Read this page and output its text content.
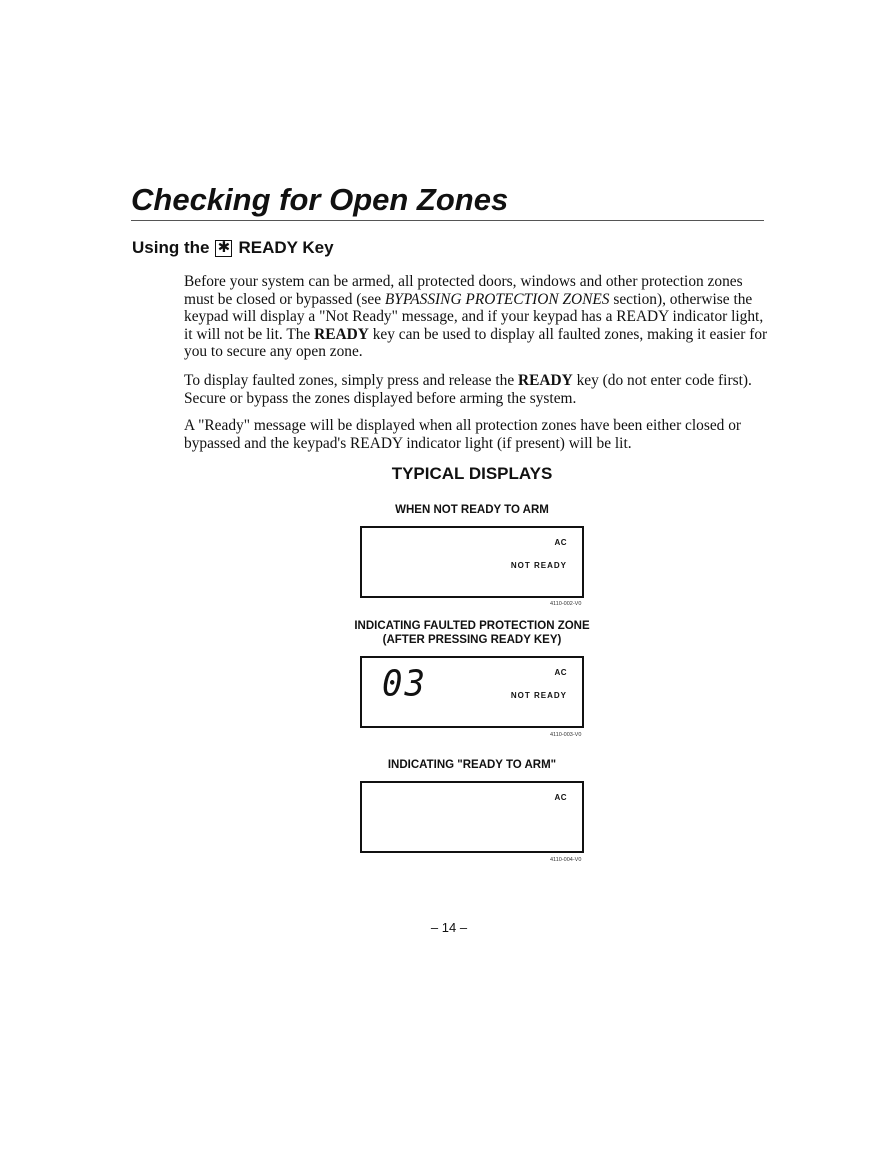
Checking for Open Zones
Using the ✱ READY Key
Before your system can be armed, all protected doors, windows and other protection zones must be closed or bypassed (see BYPASSING PROTECTION ZONES section), otherwise the keypad will display a "Not Ready" message, and if your keypad has a READY indicator light, it will not be lit. The READY key can be used to display all faulted zones, making it easier for you to secure any open zone.
To display faulted zones, simply press and release the READY key (do not enter code first). Secure or bypass the zones displayed before arming the system.
A "Ready" message will be displayed when all protection zones have been either closed or bypassed and the keypad's READY indicator light (if present) will be lit.
TYPICAL DISPLAYS
WHEN NOT READY TO ARM
AC
NOT READY
4110-002-V0
INDICATING FAULTED PROTECTION ZONE
(AFTER PRESSING READY KEY)
03	AC
NOT READY
4110-003-V0
INDICATING "READY TO ARM"
AC
4110-004-V0
– 14 –
